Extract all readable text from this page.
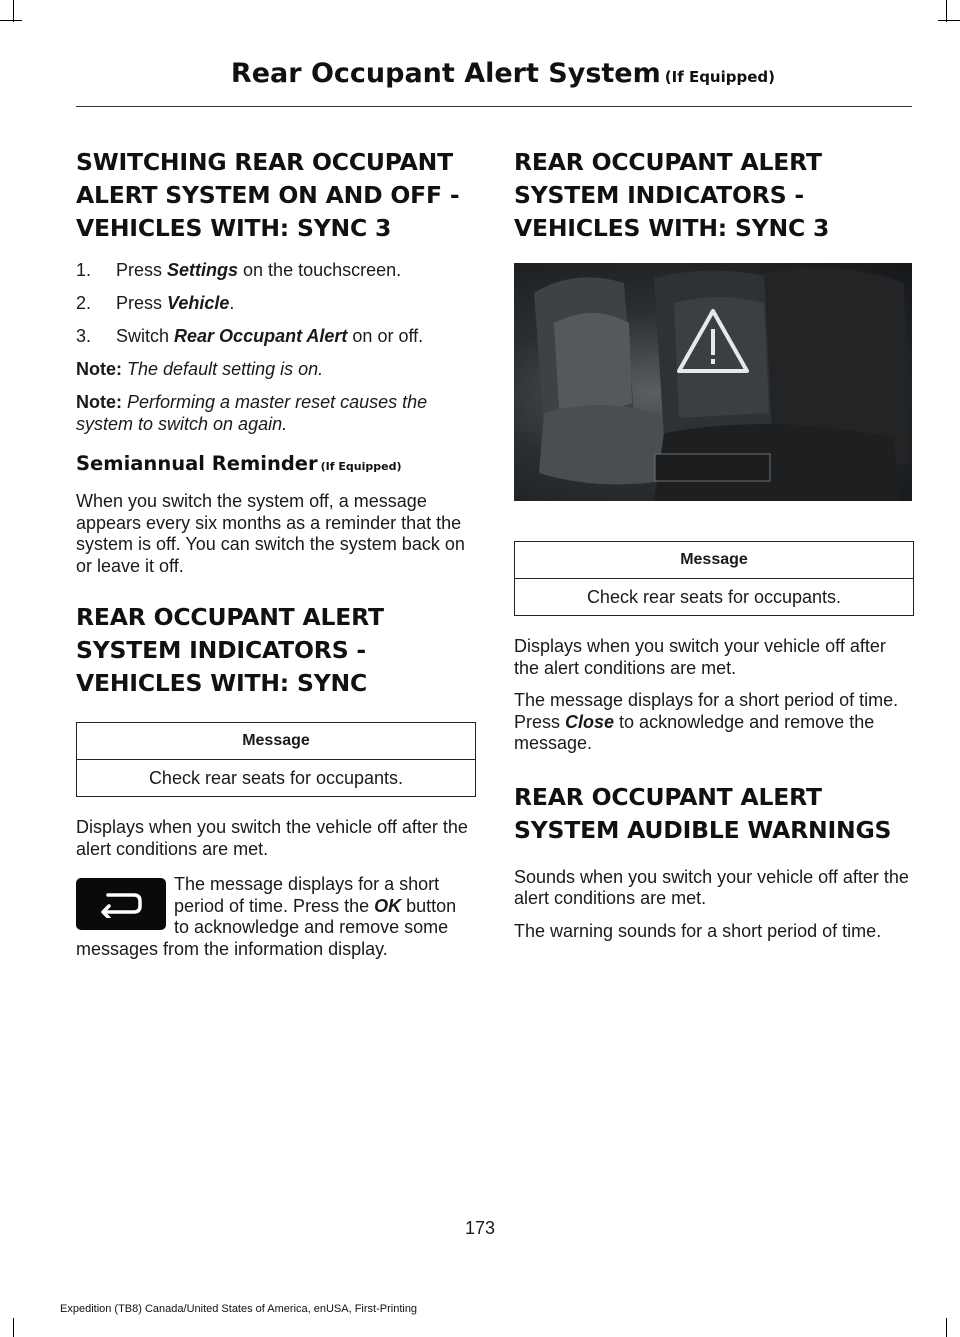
Rear Occupant Alert System (If Equipped)
SWITCHING REAR OCCUPANT ALERT SYSTEM ON AND OFF - VEHICLES WITH: SYNC 3
1.	Press Settings on the touchscreen.
2.	Press Vehicle.
3.	Switch Rear Occupant Alert on or off.

Note: The default setting is on.

Note: Performing a master reset causes the system to switch on again.

Semiannual Reminder (If Equipped)

When you switch the system off, a message appears every six months as a reminder that the system is off. You can switch the system back on or leave it off.

REAR OCCUPANT ALERT SYSTEM INDICATORS - VEHICLES WITH: SYNC
Message
Check rear seats for occupants.

Displays when you switch the vehicle off after the alert conditions are met.

The message displays for a short period of time. Press the OK button to acknowledge and remove some messages from the information display.
REAR OCCUPANT ALERT SYSTEM INDICATORS - VEHICLES WITH: SYNC 3
Message
Check rear seats for occupants.

Displays when you switch your vehicle off after the alert conditions are met.

The message displays for a short period of time. Press Close to acknowledge and remove the message.

REAR OCCUPANT ALERT SYSTEM AUDIBLE WARNINGS

Sounds when you switch your vehicle off after the alert conditions are met.

The warning sounds for a short period of time.

173
Expedition (TB8) Canada/United States of America, enUSA, First-Printing
